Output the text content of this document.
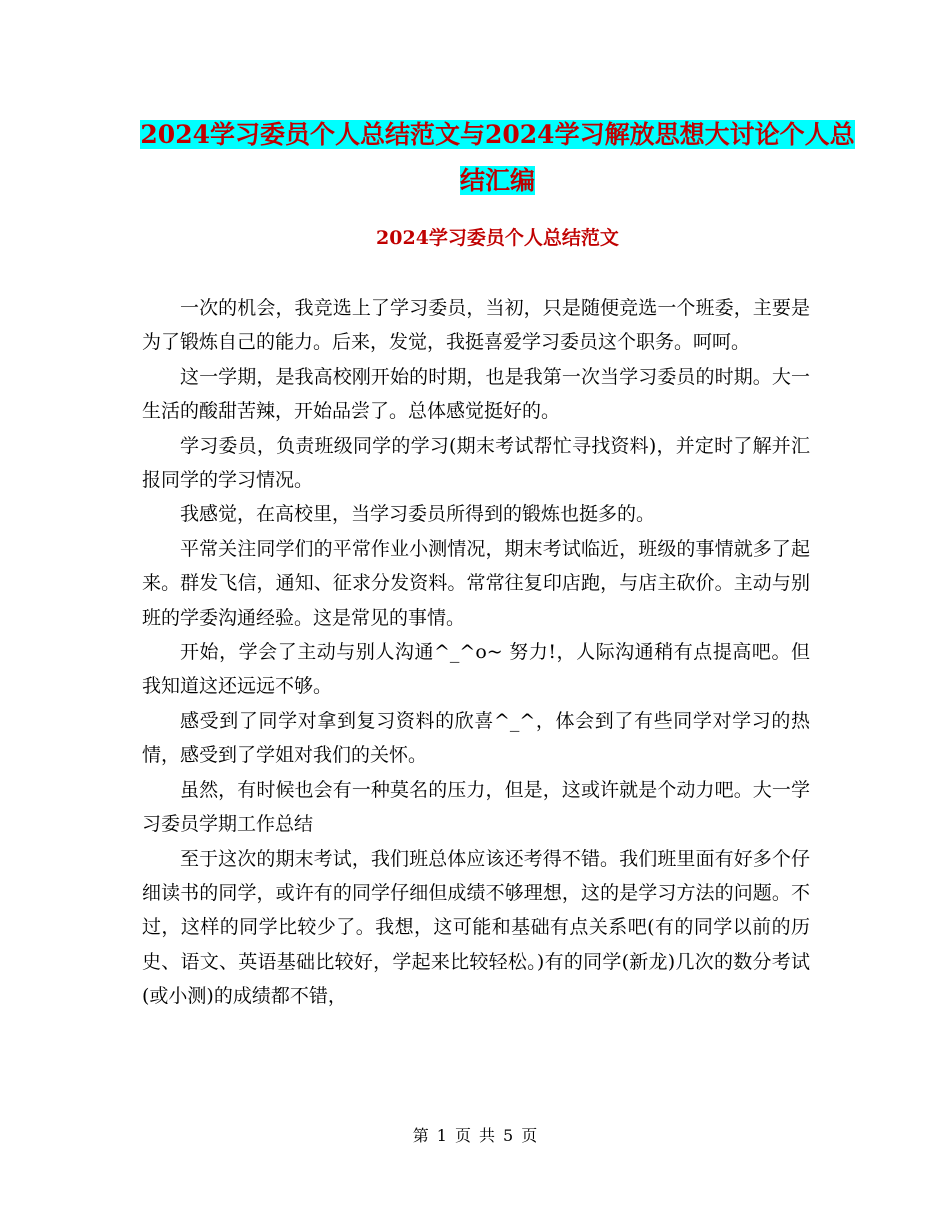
2024学习委员个人总结范文与2024学习解放思想大讨论个人总结汇编
2024学习委员个人总结范文

一次的机会，我竞选上了学习委员，当初，只是随便竞选一个班委，主要是为了锻炼自己的能力。后来，发觉，我挺喜爱学习委员这个职务。呵呵。

这一学期，是我高校刚开始的时期，也是我第一次当学习委员的时期。大一生活的酸甜苦辣，开始品尝了。总体感觉挺好的。

学习委员，负责班级同学的学习(期末考试帮忙寻找资料)，并定时了解并汇报同学的学习情况。

我感觉，在高校里，当学习委员所得到的锻炼也挺多的。

平常关注同学们的平常作业小测情况，期末考试临近，班级的事情就多了起来。群发飞信，通知、征求分发资料。常常往复印店跑，与店主砍价。主动与别班的学委沟通经验。这是常见的事情。

开始，学会了主动与别人沟通^_^o~ 努力!，人际沟通稍有点提高吧。但我知道这还远远不够。

感受到了同学对拿到复习资料的欣喜^_^，体会到了有些同学对学习的热情，感受到了学姐对我们的关怀。

虽然，有时候也会有一种莫名的压力，但是，这或许就是个动力吧。大一学习委员学期工作总结

至于这次的期末考试，我们班总体应该还考得不错。我们班里面有好多个仔细读书的同学，或许有的同学仔细但成绩不够理想，这的是学习方法的问题。不过，这样的同学比较少了。我想，这可能和基础有点关系吧(有的同学以前的历史、语文、英语基础比较好，学起来比较轻松。)有的同学(新龙)几次的数分考试(或小测)的成绩都不错，

第 1 页 共 5 页
